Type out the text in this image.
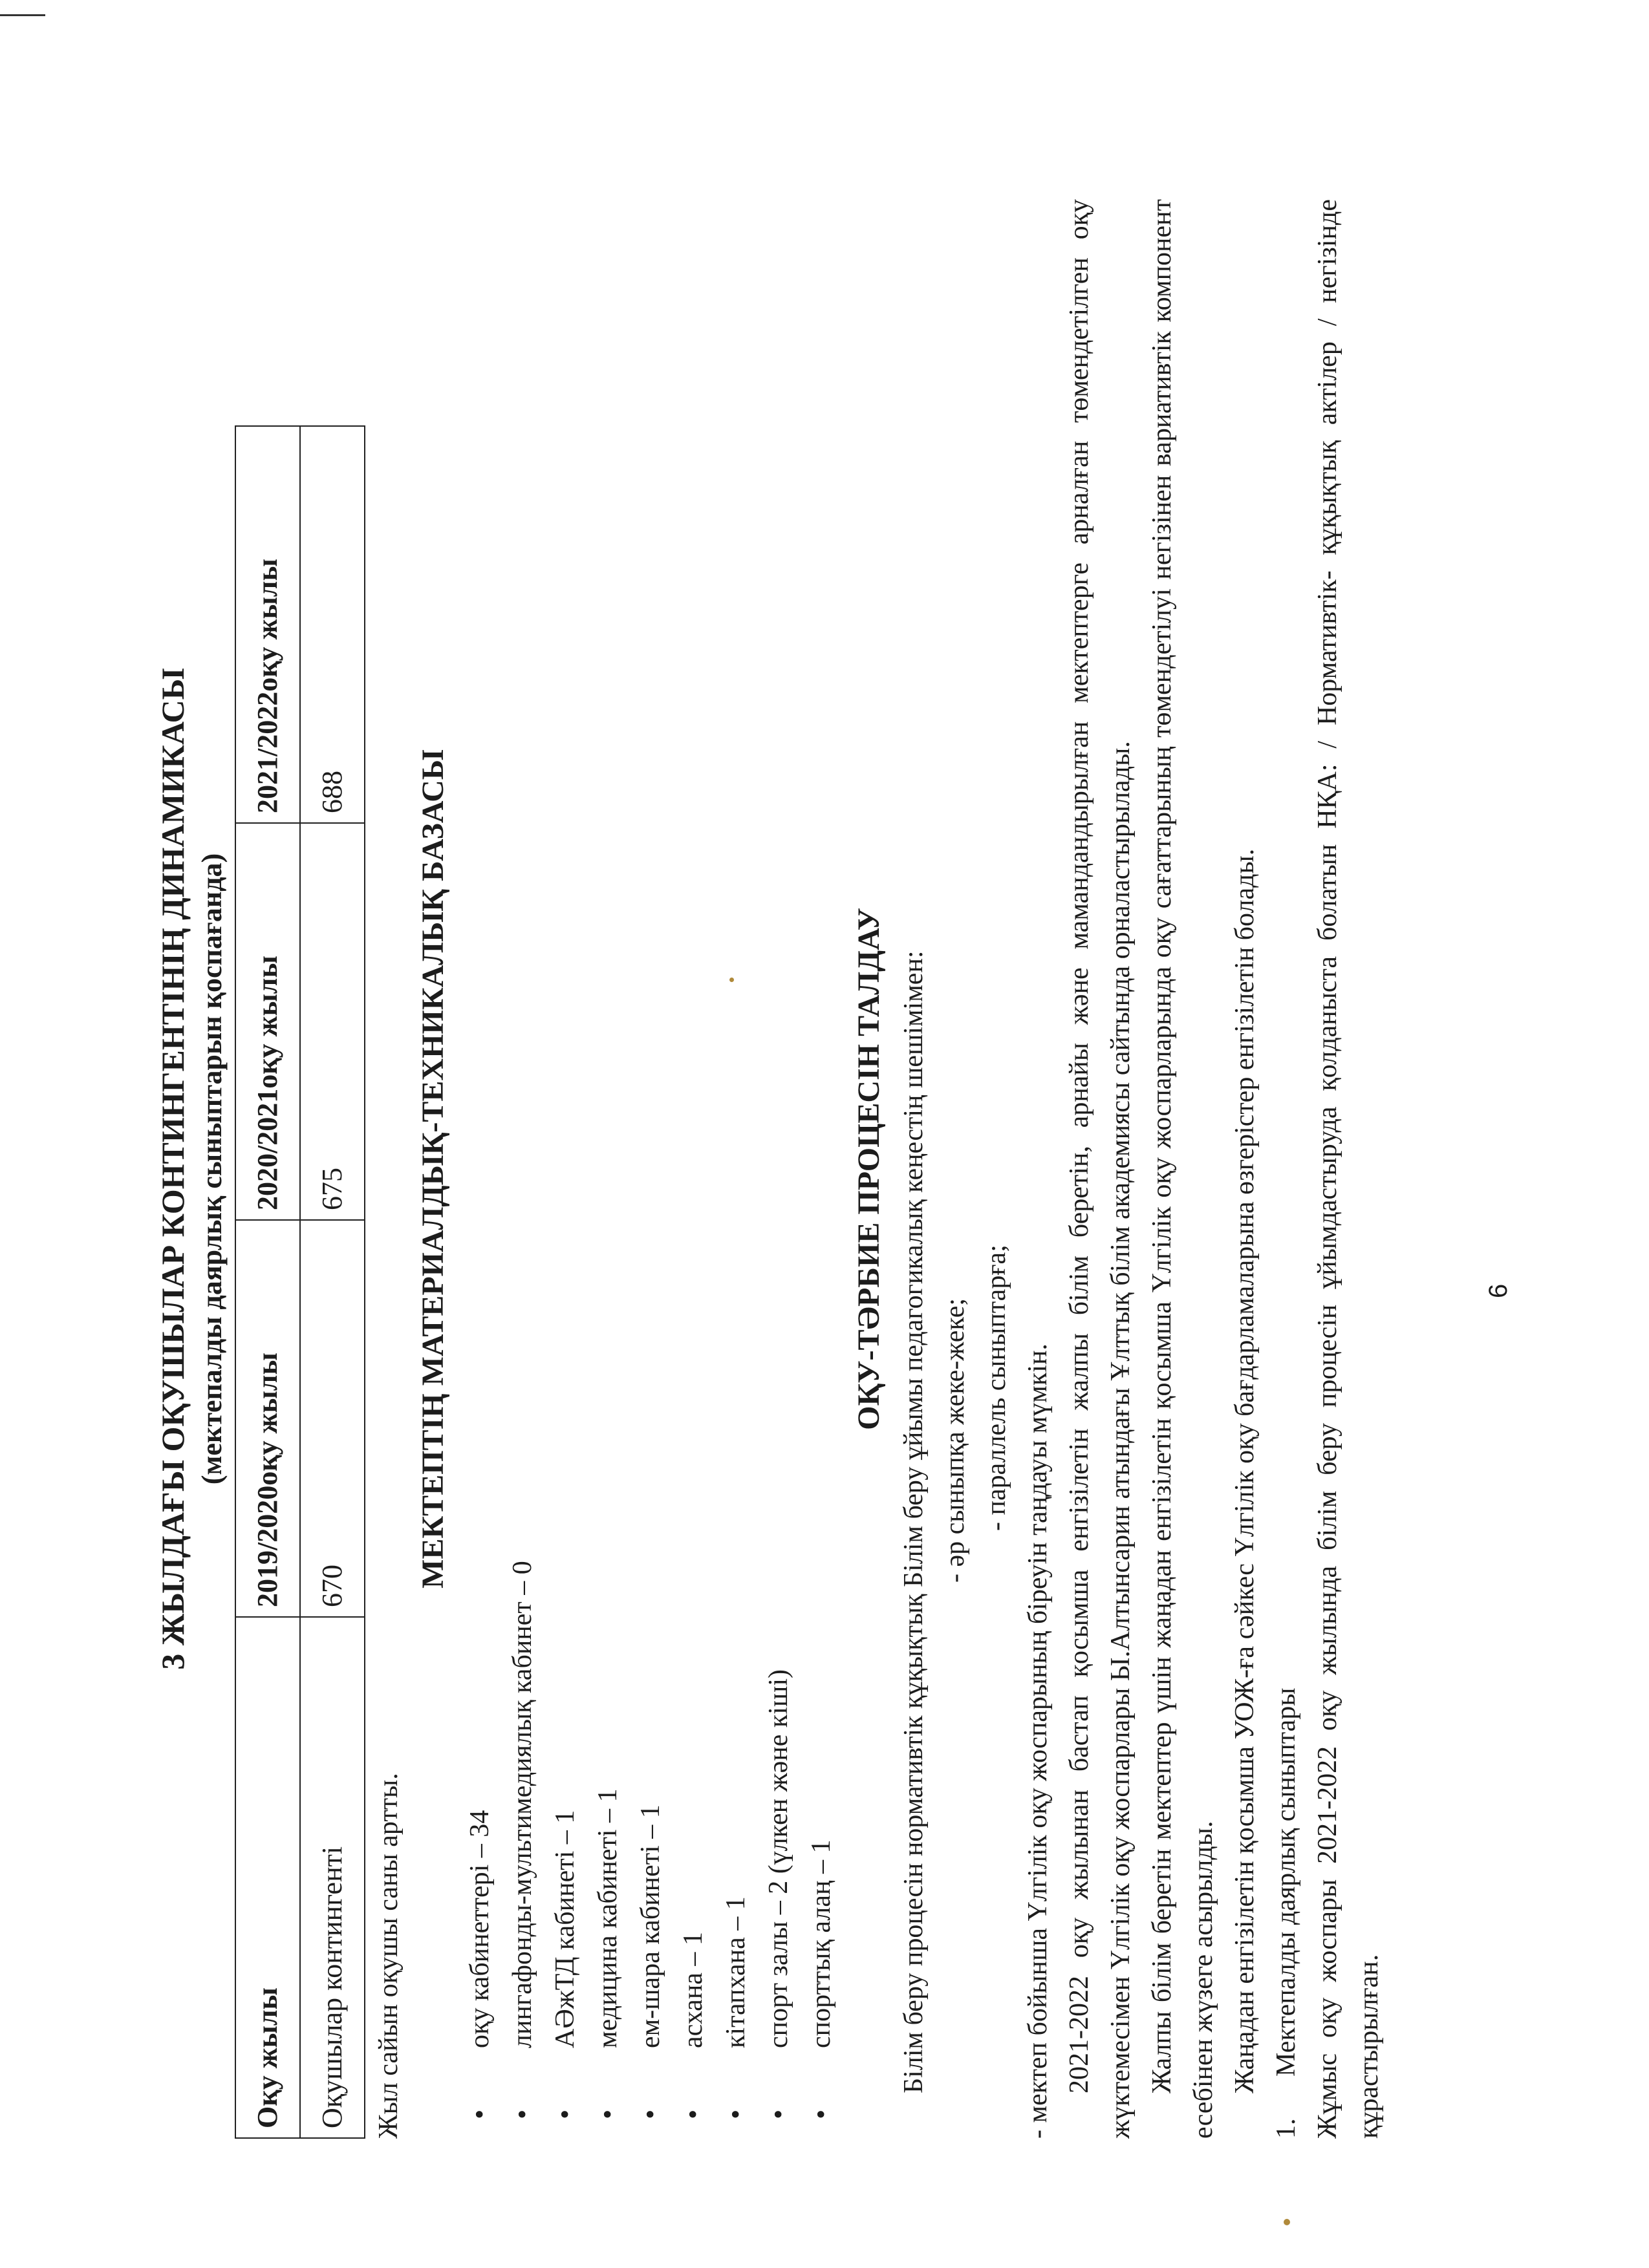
3 ЖЫЛДАҒЫ ОҚУШЫЛАР КОНТИНГЕНТІНІҢ ДИНАМИКАСЫ (мектепалды даярлық сыныптарын қоспағанда)

Оқу жылы	2019/2020оқу жылы	2020/2021оқу жылы	2021/2022оқу жылы
Оқушылар контингенті	670	675	688

Жыл сайын оқушы саны артты.

МЕКТЕПТІҢ МАТЕРИАЛДЫҚ-ТЕХНИКАЛЫҚ БАЗАСЫ

• оқу кабинеттері – 34 • лингафонды-мультимедиялық кабинет – 0 • АӘжТД кабинеті – 1 • медицина кабинеті – 1 • ем-шара кабинеті – 1 • асхана – 1 • кітапхана – 1 • спорт залы – 2 (үлкен және кіші) • спорттық алаң – 1

ОҚУ-ТӘРБИЕ ПРОЦЕСІН ТАЛДАУ Білім беру процесін нормативтік құқықтық Білім беру ұйымы педагогикалық кеңестің шешімімен: - әр сыныпқа жеке-жеке; - параллель сыныптарға; - мектеп бойынша Үлгілік оқу жоспарының біреуін таңдауы мүмкін. 2021-2022 оқу жылынан бастап қосымша енгізілетін жалпы білім беретін, арнайы және мамандандырылған мектептерге арналған төмендетілген оқу жүктемесімен Үлгілік оқу жоспарлары Ы.Алтынсарин атындағы Ұлттық білім академиясы сайтында орналастырылады. Жалпы білім беретін мектептер үшін жаңадан енгізілетін қосымша Үлгілік оқу жоспарларында оқу сағаттарының төмендетілуі негізінен вариативтік компонент есебінен жүзеге асырылды. Жаңадан енгізілетін қосымша УОЖ-ға сәйкес Үлгілік оқу бағдарламаларына өзгерістер енгізілетін болады.

1. Мектепалды даярлық сыныптары Жұмыс оқу жоспары 2021-2022 оқу жылында білім беру процесін ұйымдастыруда қолданыста болатын НҚА: / Нормативтік- құқықтық актілер / негізінде құрастырылған.

6
